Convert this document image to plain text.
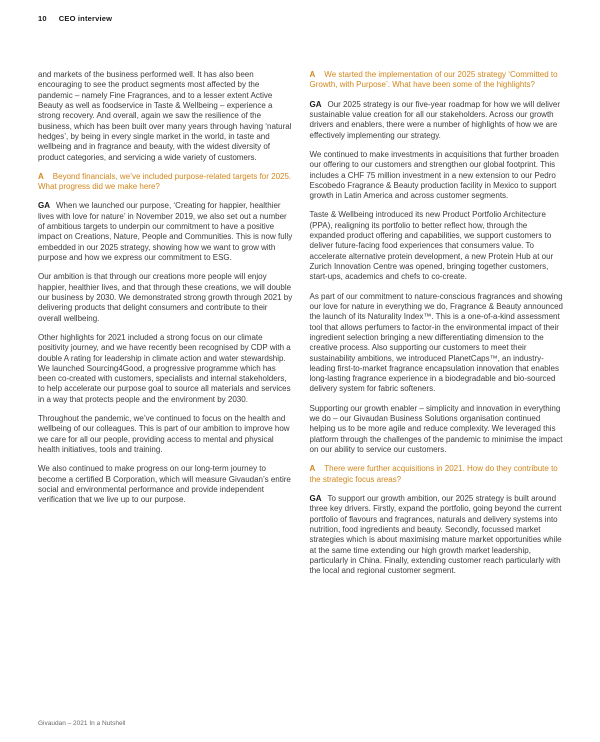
10 CEO interview

and markets of the business performed well. It has also been encouraging to see the product segments most affected by the pandemic – namely Fine Fragrances, and to a lesser extent Active Beauty as well as foodservice in Taste & Wellbeing – experience a strong recovery. And overall, again we saw the resilience of the business, which has been built over many years through having ‘natural hedges’, by being in every single market in the world, in taste and wellbeing and in fragrance and beauty, with the widest diversity of product categories, and servicing a wide variety of customers.

A Beyond financials, we’ve included purpose-related targets for 2025. What progress did we make here?

GA When we launched our purpose, ‘Creating for happier, healthier lives with love for nature’ in November 2019, we also set out a number of ambitious targets to underpin our commitment to have a positive impact on Creations, Nature, People and Communities. This is now fully embedded in our 2025 strategy, showing how we want to grow with purpose and how we express our commitment to ESG.

Our ambition is that through our creations more people will enjoy happier, healthier lives, and that through these creations, we will double our business by 2030. We demonstrated strong growth through 2021 by delivering products that delight consumers and contribute to their overall wellbeing.

Other highlights for 2021 included a strong focus on our climate positivity journey, and we have recently been recognised by CDP with a double A rating for leadership in climate action and water stewardship. We launched Sourcing4Good, a progressive programme which has been co-created with customers, specialists and internal stakeholders, to help accelerate our purpose goal to source all materials and services in a way that protects people and the environment by 2030.

Throughout the pandemic, we’ve continued to focus on the health and wellbeing of our colleagues. This is part of our ambition to improve how we care for all our people, providing access to mental and physical health initiatives, tools and training.

We also continued to make progress on our long-term journey to become a certified B Corporation, which will measure Givaudan’s entire social and environmental performance and provide independent verification that we live up to our purpose.

A We started the implementation of our 2025 strategy ‘Committed to Growth, with Purpose’. What have been some of the highlights?

GA Our 2025 strategy is our five-year roadmap for how we will deliver sustainable value creation for all our stakeholders. Across our growth drivers and enablers, there were a number of highlights of how we are effectively implementing our strategy.

We continued to make investments in acquisitions that further broaden our offering to our customers and strengthen our global footprint. This includes a CHF 75 million investment in a new extension to our Pedro Escobedo Fragrance & Beauty production facility in Mexico to support growth in Latin America and across customer segments.

Taste & Wellbeing introduced its new Product Portfolio Architecture (PPA), realigning its portfolio to better reflect how, through the expanded product offering and capabilities, we support customers to deliver future-facing food experiences that consumers value. To accelerate alternative protein development, a new Protein Hub at our Zurich Innovation Centre was opened, bringing together customers, start-ups, academics and chefs to co-create.

As part of our commitment to nature-conscious fragrances and showing our love for nature in everything we do, Fragrance & Beauty announced the launch of its Naturality Index™. This is a one-of-a-kind assessment tool that allows perfumers to factor-in the environmental impact of their ingredient selection bringing a new differentiating dimension to the creative process. Also supporting our customers to meet their sustainability ambitions, we introduced PlanetCaps™, an industry-leading first-to-market fragrance encapsulation innovation that enables long-lasting fragrance experience in a biodegradable and bio-sourced delivery system for fabric softeners.

Supporting our growth enabler – simplicity and innovation in everything we do – our Givaudan Business Solutions organisation continued helping us to be more agile and reduce complexity. We leveraged this platform through the challenges of the pandemic to minimise the impact on our ability to service our customers.

A There were further acquisitions in 2021. How do they contribute to the strategic focus areas?

GA To support our growth ambition, our 2025 strategy is built around three key drivers. Firstly, expand the portfolio, going beyond the current portfolio of flavours and fragrances, naturals and delivery systems into nutrition, food ingredients and beauty. Secondly, focussed market strategies which is about maximising mature market opportunities while at the same time extending our high growth market leadership, particularly in China. Finally, extending customer reach particularly with the local and regional customer segment.

Givaudan – 2021 In a Nutshell
